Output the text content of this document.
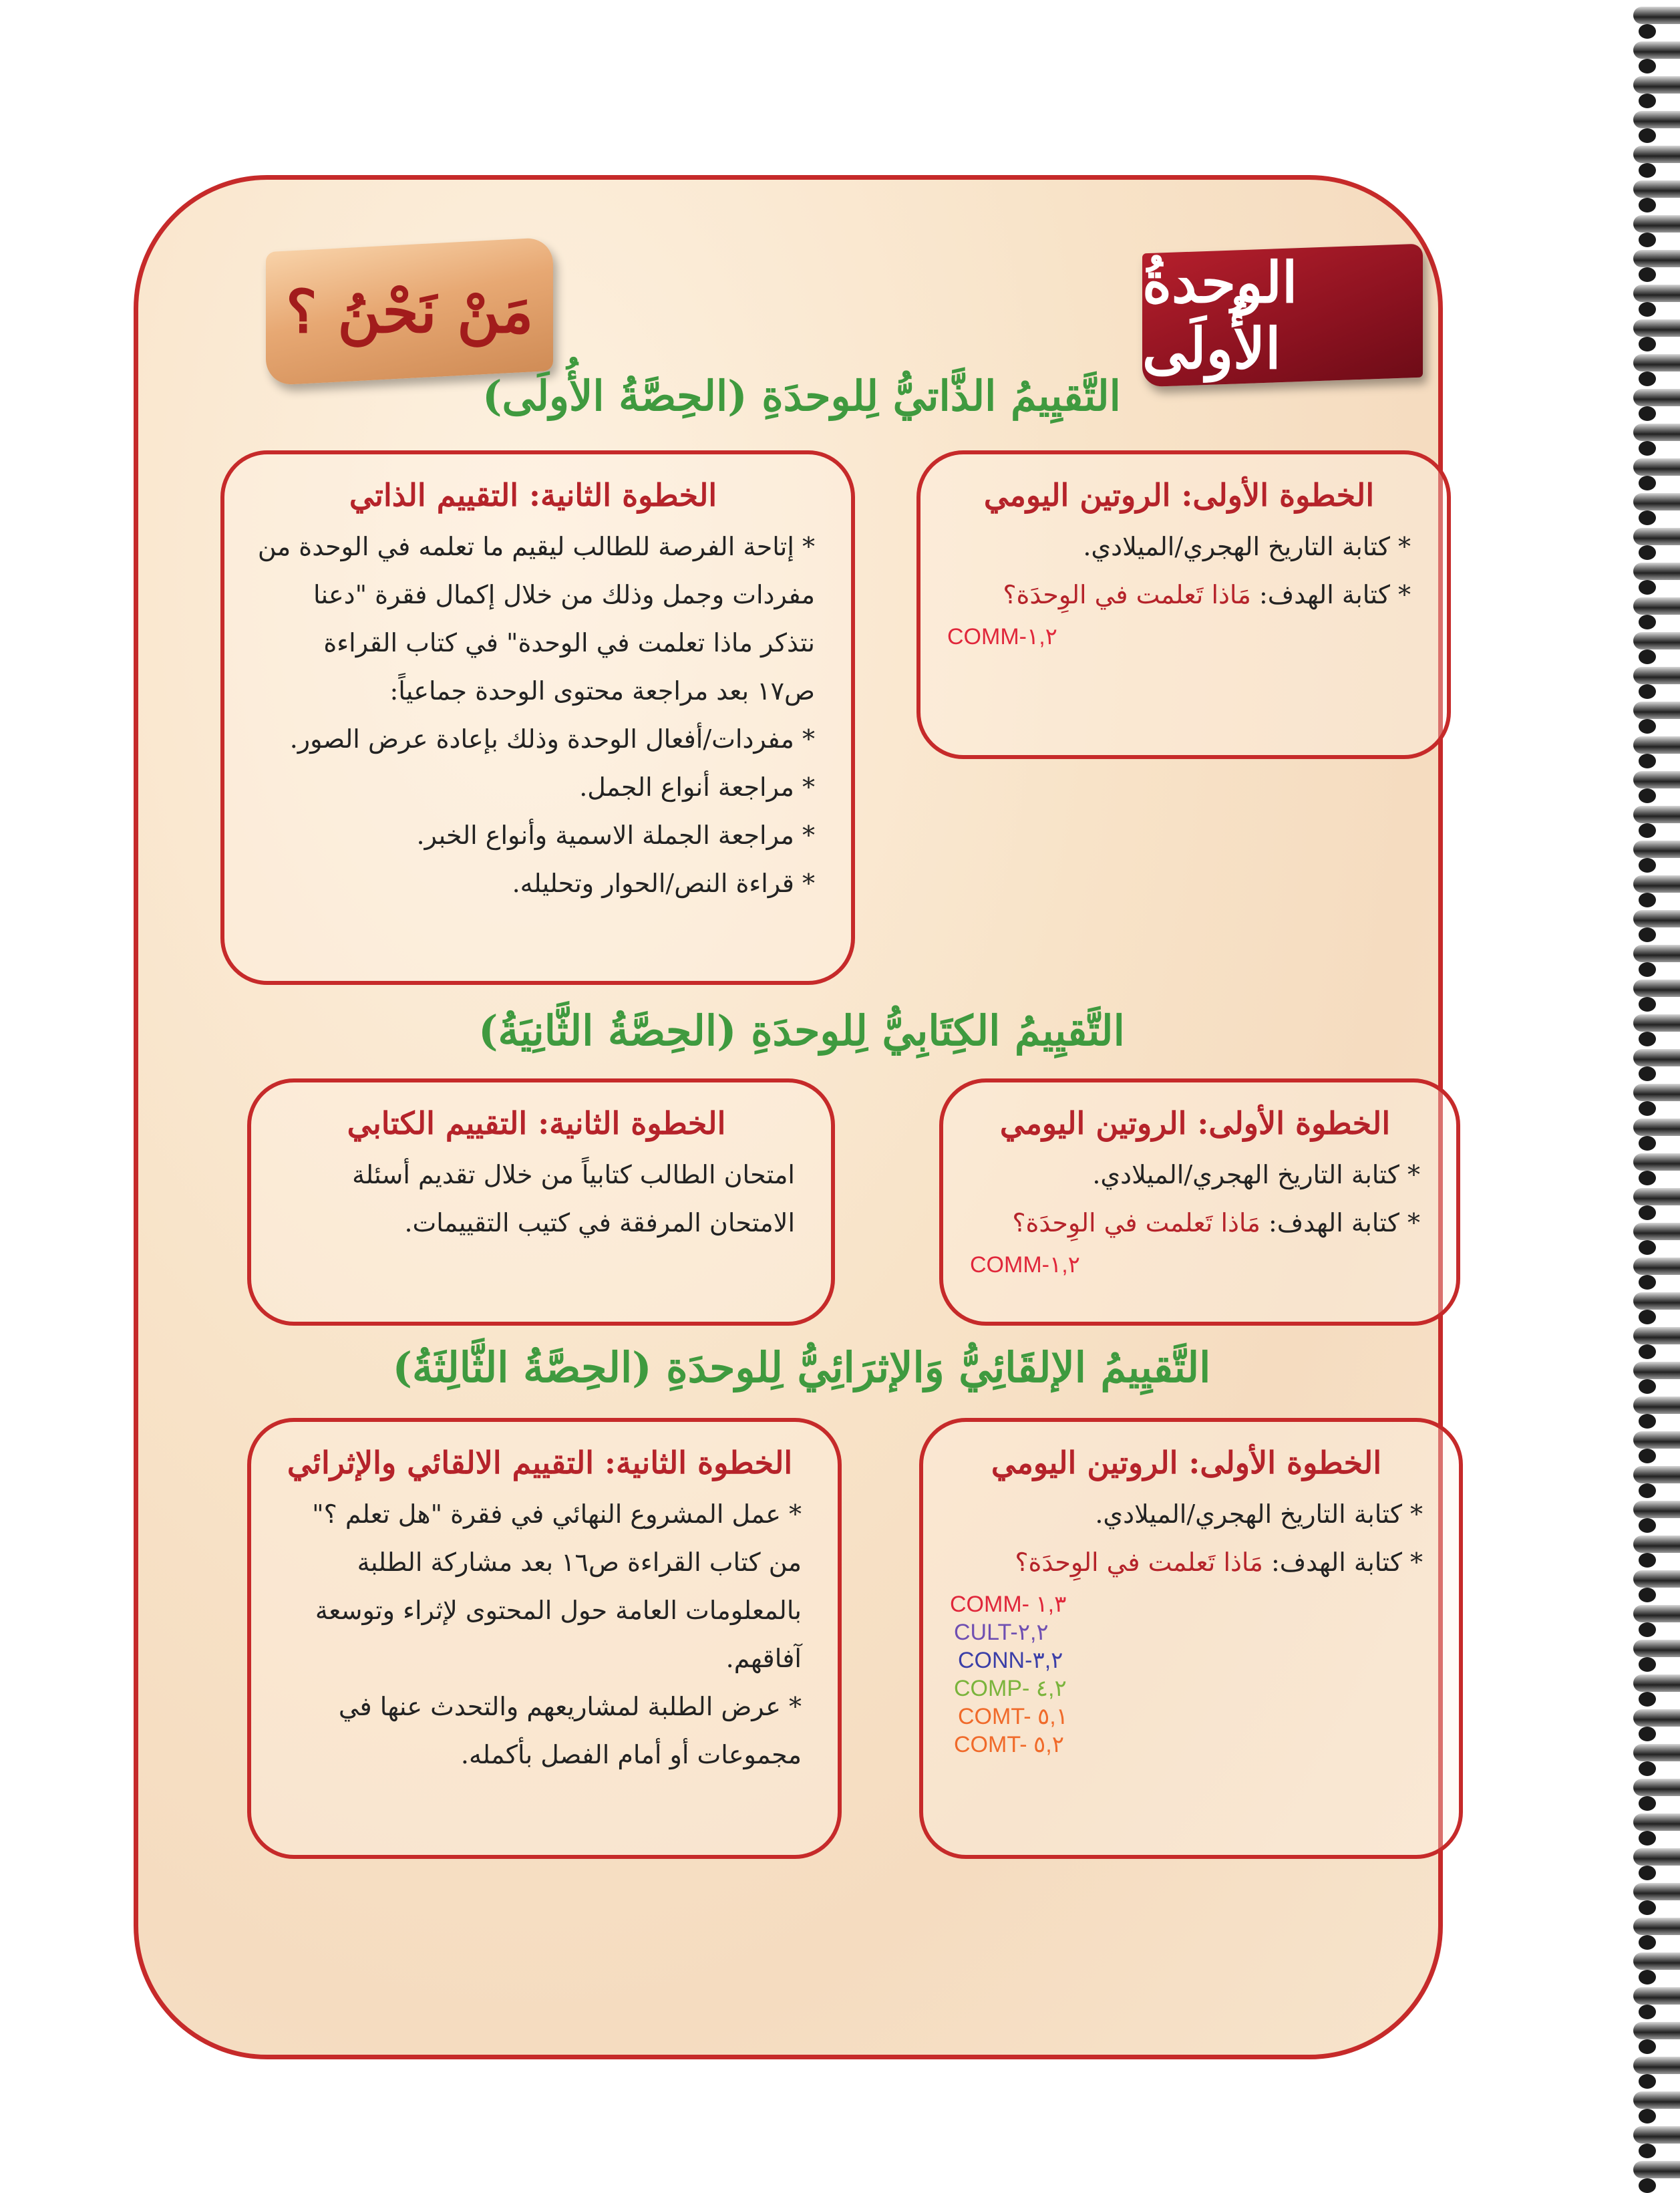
الوحدةُ الأُولَى
مَنْ نَحْنُ ؟
التَّقيِيمُ الذَّاتيُّ لِلوحدَةِ (الحِصَّةُ الأُولَى)
الخطوة الأولى: الروتين اليومي

* كتابة التاريخ الهجري/الميلادي.

* كتابة الهدف: مَاذا تَعلمت في الوِحدَة؟

COMM-١,٢
الخطوة الثانية: التقييم الذاتي

* إتاحة الفرصة للطالب ليقيم ما تعلمه في الوحدة من

مفردات وجمل وذلك من خلال إكمال فقرة "دعنا

نتذكر ماذا تعلمت في الوحدة" في كتاب القراءة

ص١٧ بعد مراجعة محتوى الوحدة جماعياً:

* مفردات/أفعال الوحدة وذلك بإعادة عرض الصور.

* مراجعة أنواع الجمل.

* مراجعة الجملة الاسمية وأنواع الخبر.

* قراءة النص/الحوار وتحليله.

التَّقيِيمُ الكِتَابِيُّ لِلوحدَةِ (الحِصَّةُ الثَّانِيَةُ)
الخطوة الأولى: الروتين اليومي

* كتابة التاريخ الهجري/الميلادي.

* كتابة الهدف: مَاذا تَعلمت في الوِحدَة؟

COMM-١,٢
الخطوة الثانية: التقييم الكتابي

امتحان الطالب كتابياً من خلال تقديم أسئلة

الامتحان المرفقة في كتيب التقييمات.

التَّقيِيمُ الإلقَائِيُّ وَالإثرَائِيُّ لِلوحدَةِ (الحِصَّةُ الثَّالِثَةُ)
الخطوة الأولى: الروتين اليومي

* كتابة التاريخ الهجري/الميلادي.

* كتابة الهدف: مَاذا تَعلمت في الوِحدَة؟

COMM- ١,٣
CULT-٢,٢
CONN-٣,٢
COMP- ٤,٢
COMT- ٥,١
COMT- ٥,٢
الخطوة الثانية: التقييم الالقائي والإثرائي

* عمل المشروع النهائي في فقرة "هل تعلم ؟"

من كتاب القراءة ص١٦ بعد مشاركة الطلبة

بالمعلومات العامة حول المحتوى لإثراء وتوسعة

آفاقهم.

* عرض الطلبة لمشاريعهم والتحدث عنها في

مجموعات أو أمام الفصل بأكمله.
